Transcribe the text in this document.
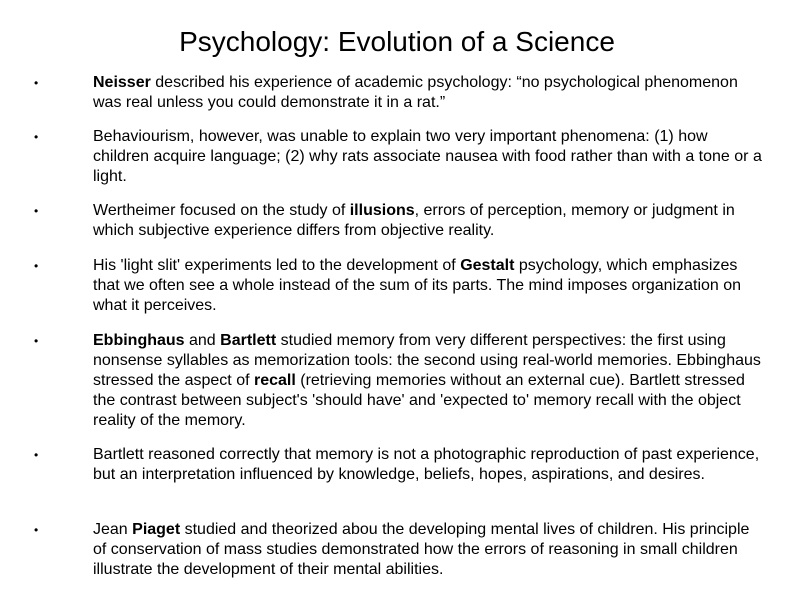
Psychology: Evolution of a Science
•	Neisser described his experience of academic psychology: “no psychological phenomenon was real unless you could demonstrate it in a rat.”

•	Behaviourism, however, was unable to explain two very important phenomena: (1) how children acquire language; (2) why rats associate nausea with food rather than with a tone or a light.

•	Wertheimer focused on the study of illusions, errors of perception, memory or judgment in which subjective experience differs from objective reality.

•	His 'light slit' experiments led to the development of Gestalt psychology, which emphasizes that we often see a whole instead of the sum of its parts. The mind imposes organization on what it perceives.

•	Ebbinghaus and Bartlett studied memory from very different perspectives: the first using nonsense syllables as memorization tools: the second using real-world memories. Ebbinghaus stressed the aspect of recall (retrieving memories without an external cue). Bartlett stressed the contrast between subject's 'should have' and 'expected to' memory recall with the object reality of the memory.

•	Bartlett reasoned correctly that memory is not a photographic reproduction of past experience, but an interpretation influenced by knowledge, beliefs, hopes, aspirations, and desires.

•	Jean Piaget studied and theorized abou the developing mental lives of children. His principle of conservation of mass studies demonstrated how the errors of reasoning in small children illustrate the development of their mental abilities.
